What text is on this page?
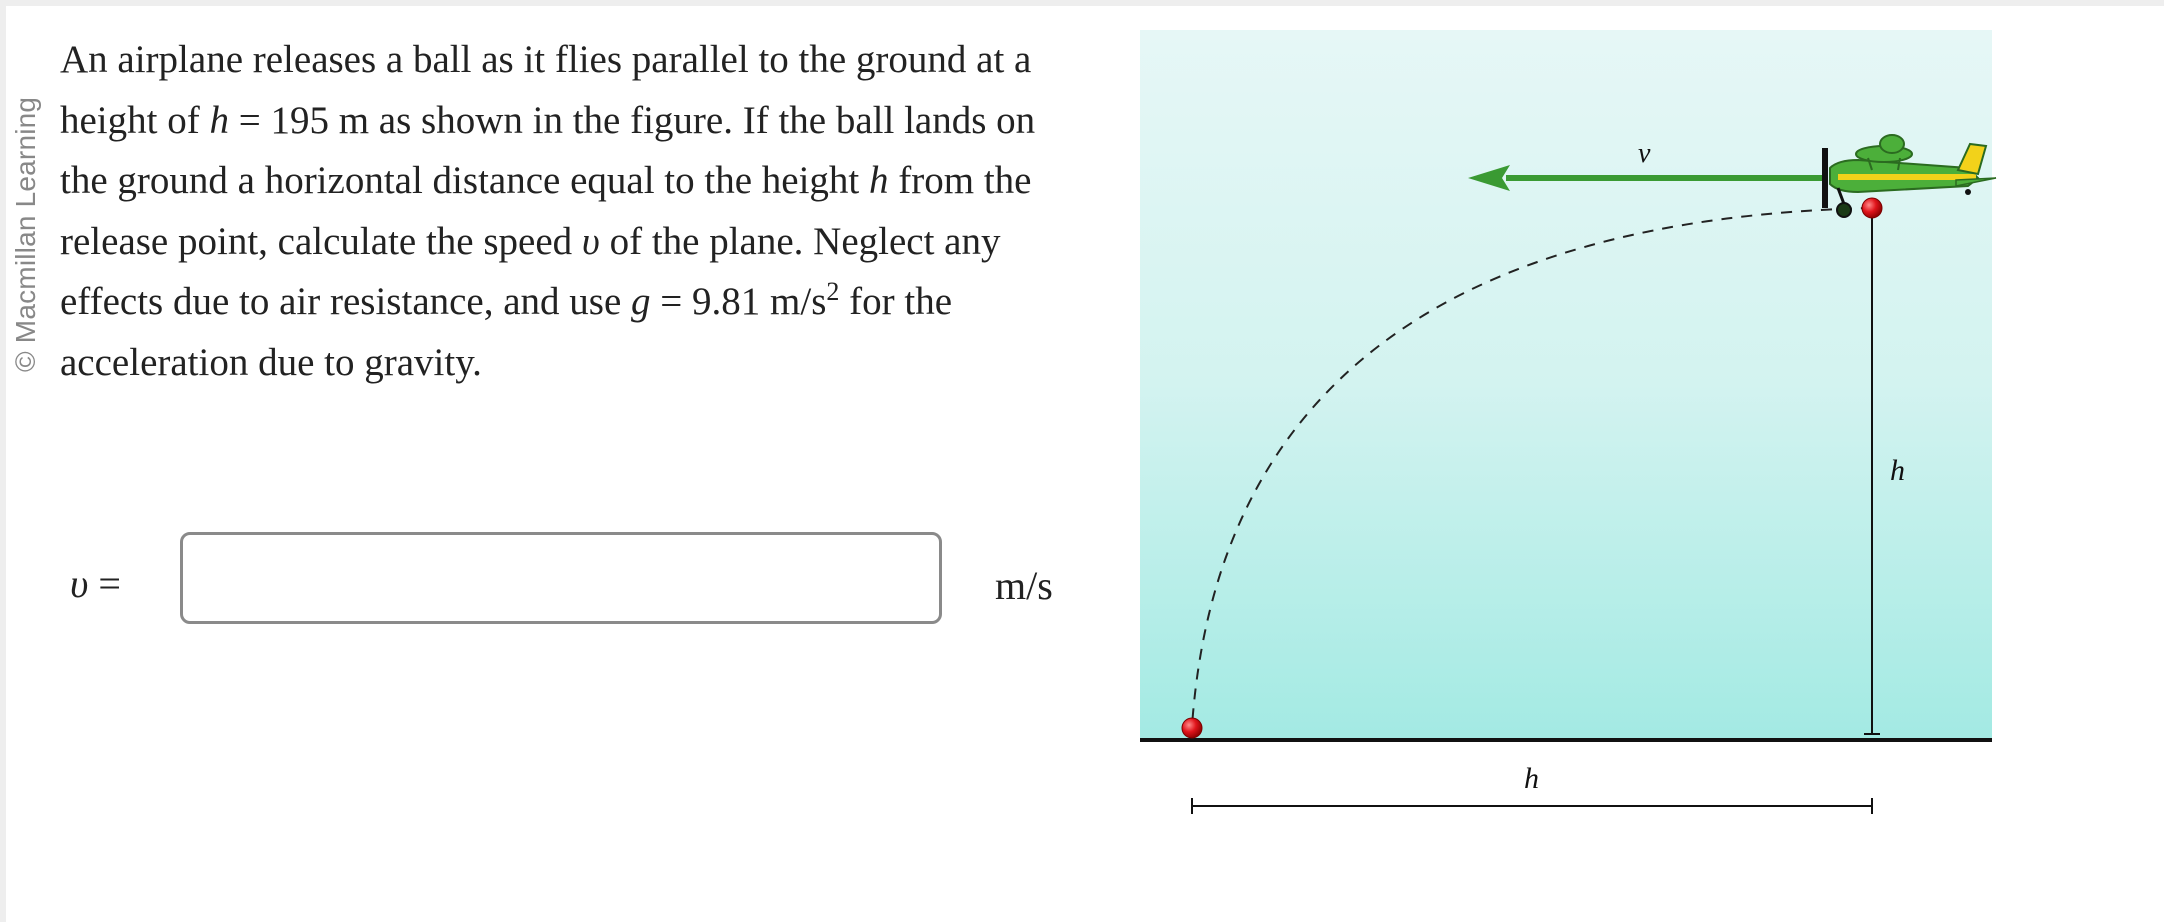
© Macmillan Learning
An airplane releases a ball as it flies parallel to the ground at a height of h = 195 m as shown in the figure. If the ball lands on the ground a horizontal distance equal to the height h from the release point, calculate the speed υ of the plane. Neglect any effects due to air resistance, and use g = 9.81 $m/s^2$ for the acceleration due to gravity.
υ =	m/s
h
h
v
